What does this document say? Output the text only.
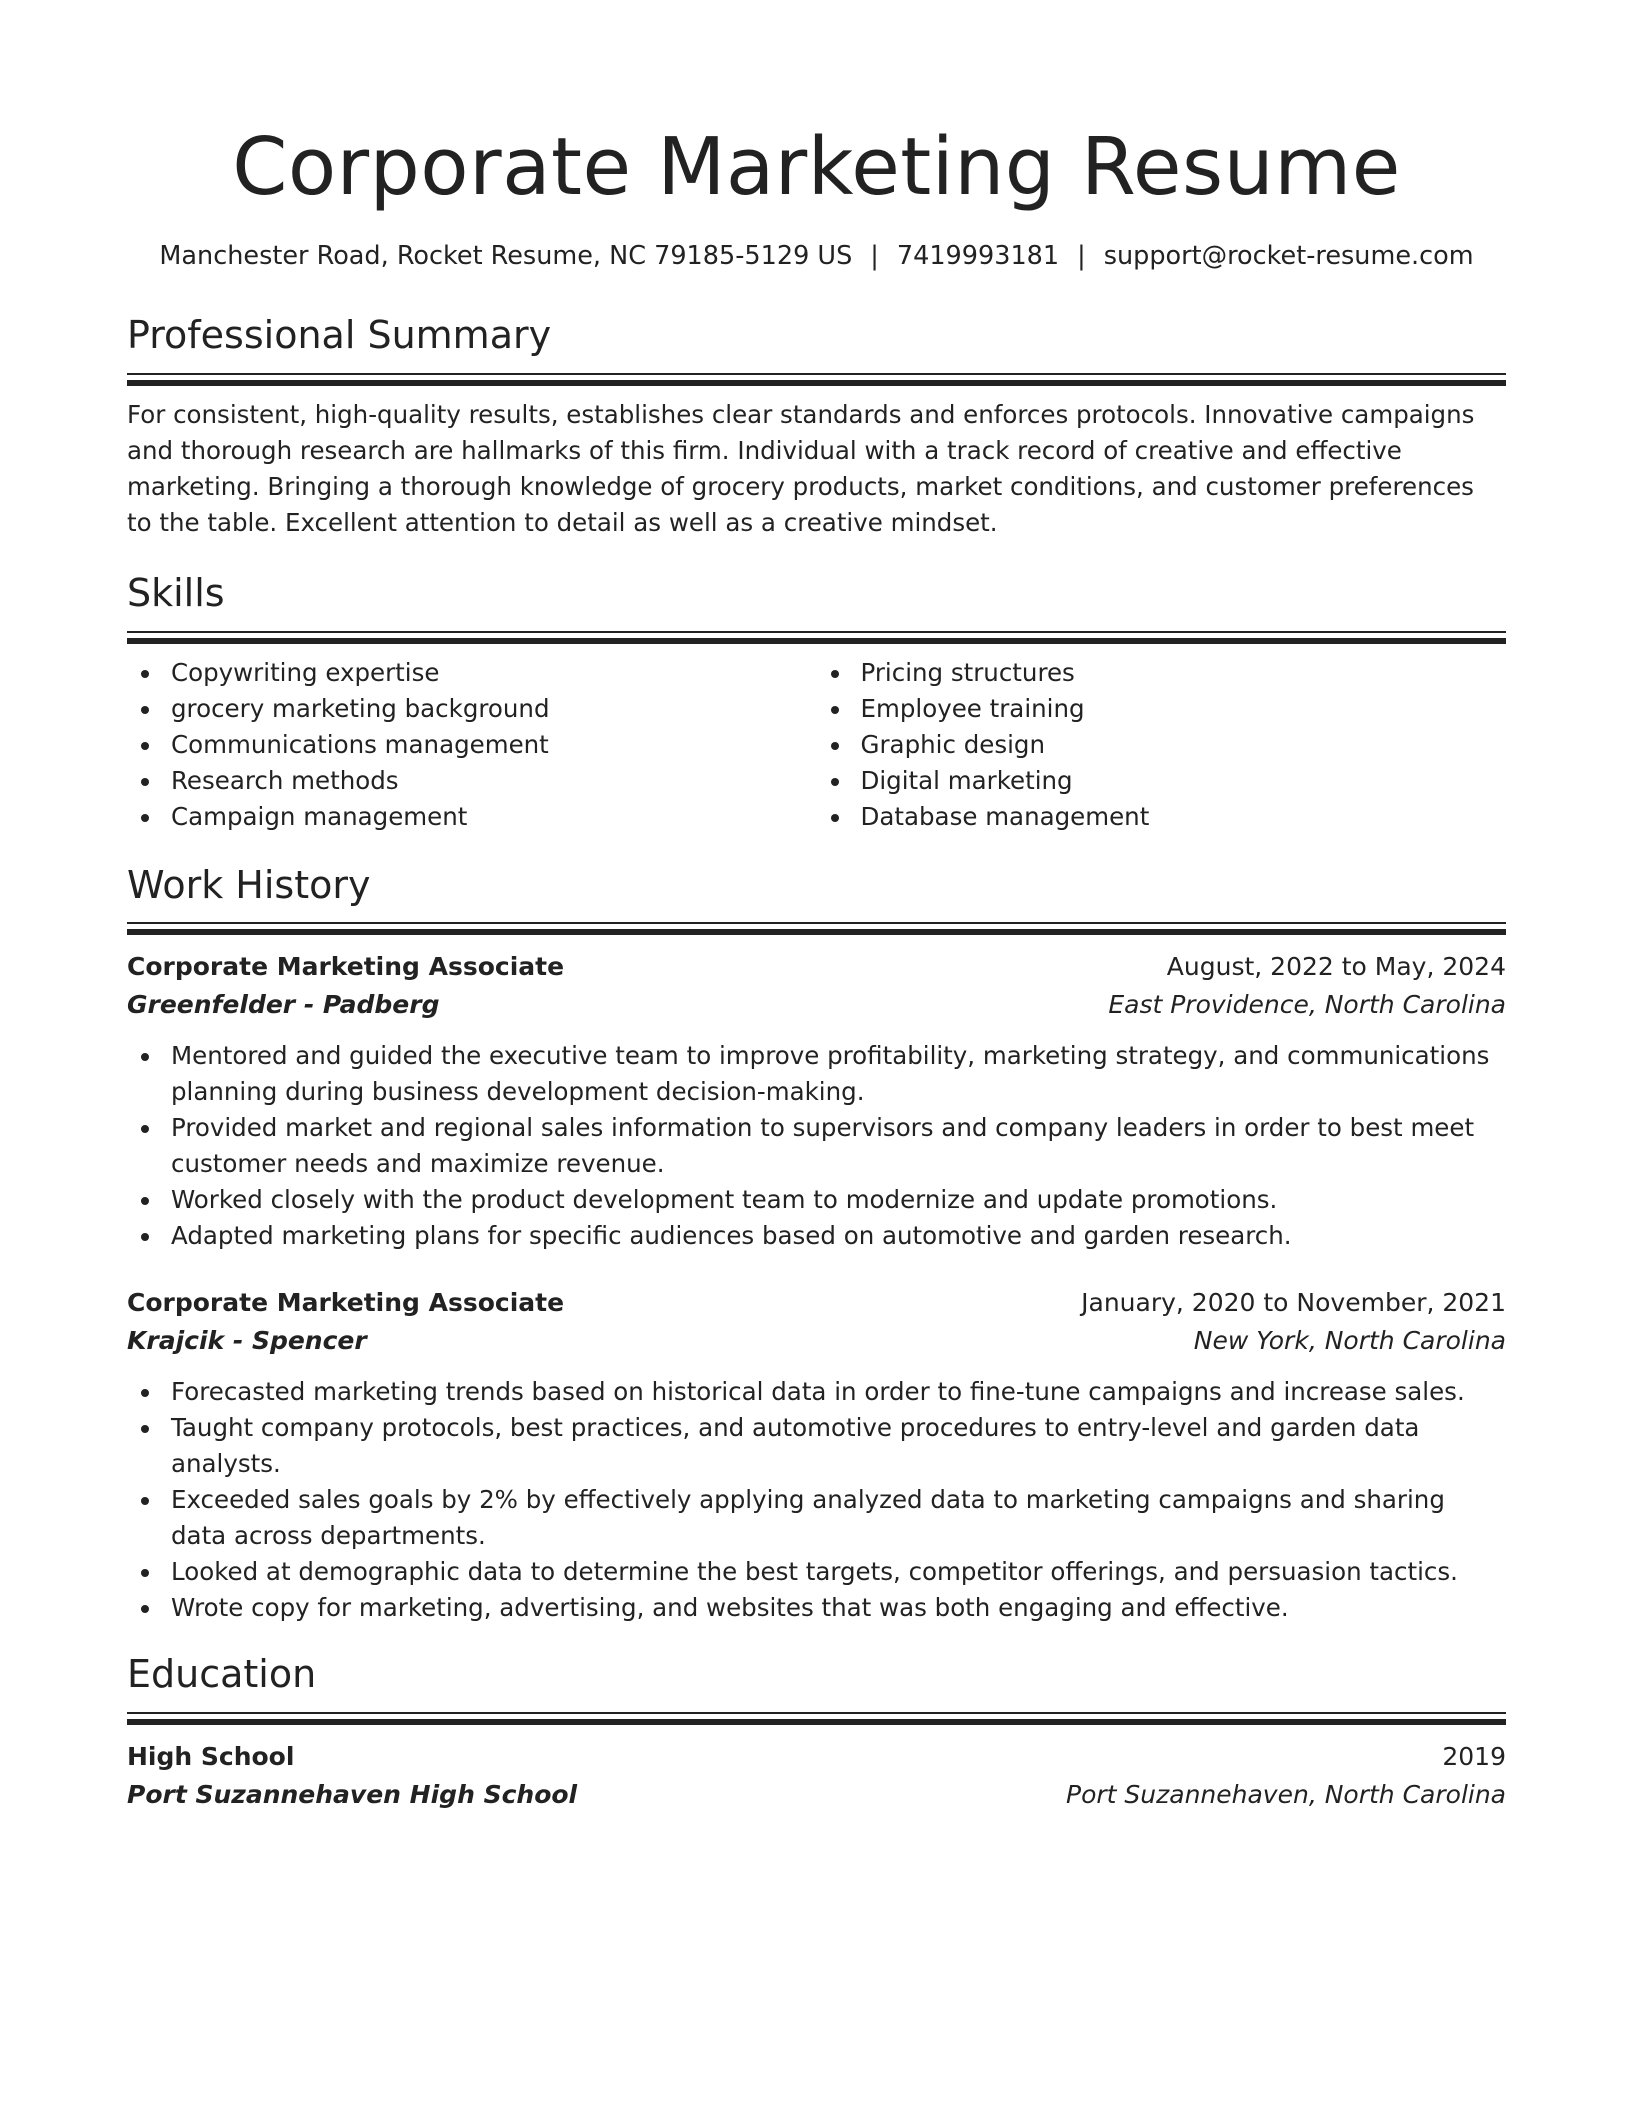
Corporate Marketing Resume
Manchester Road, Rocket Resume, NC 79185-5129 US | 7419993181 | support@rocket-resume.com
Professional Summary
For consistent, high-quality results, establishes clear standards and enforces protocols. Innovative campaigns and thorough research are hallmarks of this firm. Individual with a track record of creative and effective marketing. Bringing a thorough knowledge of grocery products, market conditions, and customer preferences to the table. Excellent attention to detail as well as a creative mindset.
Skills
Copywriting expertise
grocery marketing background
Communications management
Research methods
Campaign management
Pricing structures
Employee training
Graphic design
Digital marketing
Database management
Work History
Corporate Marketing Associate	August, 2022 to May, 2024
Greenfelder - Padberg	East Providence, North Carolina
Mentored and guided the executive team to improve profitability, marketing strategy, and communications planning during business development decision-making.
Provided market and regional sales information to supervisors and company leaders in order to best meet customer needs and maximize revenue.
Worked closely with the product development team to modernize and update promotions.
Adapted marketing plans for specific audiences based on automotive and garden research.
Corporate Marketing Associate	January, 2020 to November, 2021
Krajcik - Spencer	New York, North Carolina
Forecasted marketing trends based on historical data in order to fine-tune campaigns and increase sales.
Taught company protocols, best practices, and automotive procedures to entry-level and garden data analysts.
Exceeded sales goals by 2% by effectively applying analyzed data to marketing campaigns and sharing data across departments.
Looked at demographic data to determine the best targets, competitor offerings, and persuasion tactics.
Wrote copy for marketing, advertising, and websites that was both engaging and effective.
Education
High School	2019
Port Suzannehaven High School	Port Suzannehaven, North Carolina
